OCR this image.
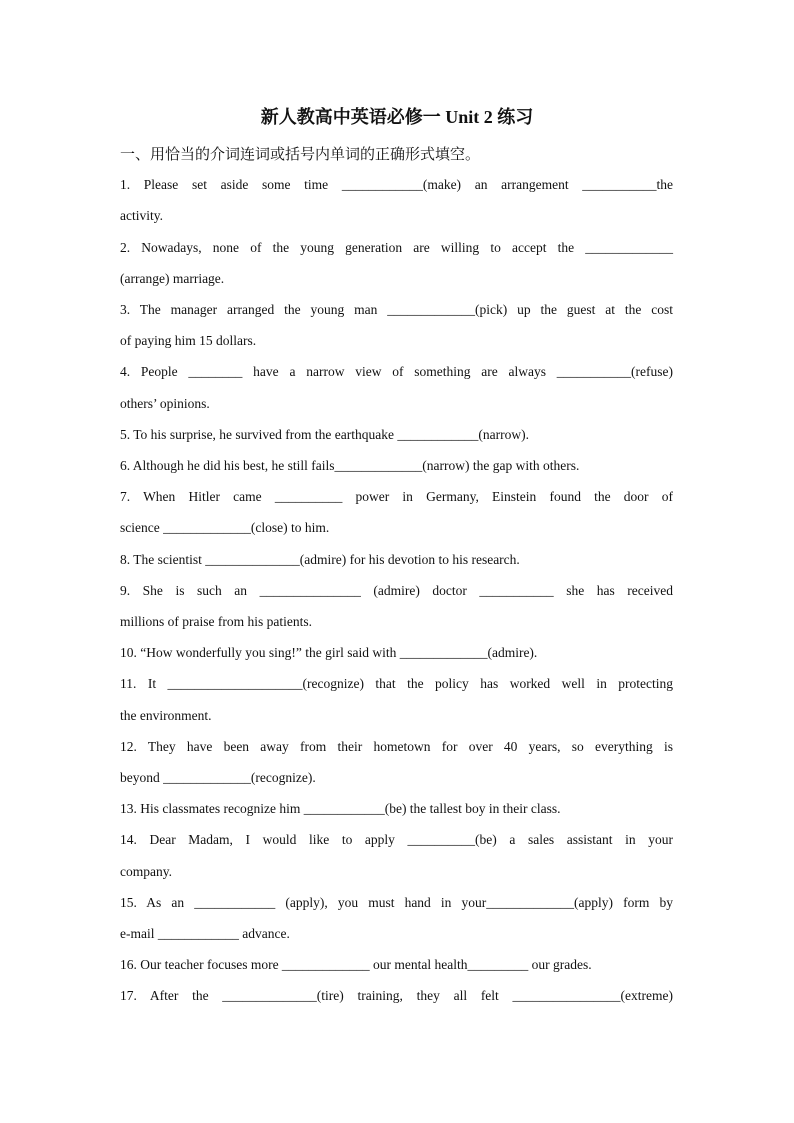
新人教高中英语必修一 Unit 2 练习
一、用恰当的介词连词或括号内单词的正确形式填空。
1. Please set aside some time ____________(make) an arrangement ___________the
activity.
2. Nowadays, none of the young generation are willing to accept the _____________
(arrange) marriage.
3. The manager arranged the young man _____________(pick) up the guest at the cost
of paying him 15 dollars.
4. People ________ have a narrow view of something are always ___________(refuse)
others’ opinions.
5. To his surprise, he survived from the earthquake ____________(narrow).
6. Although he did his best, he still fails_____________(narrow) the gap with others.
7. When Hitler came __________ power in Germany, Einstein found the door of
science _____________(close) to him.
8. The scientist ______________(admire) for his devotion to his research.
9. She is such an _______________ (admire) doctor ___________ she has received
millions of praise from his patients.
10. “How wonderfully you sing!” the girl said with _____________(admire).
11. It ____________________(recognize) that the policy has worked well in protecting
the environment.
12. They have been away from their hometown for over 40 years, so everything is
beyond _____________(recognize).
13. His classmates recognize him ____________(be) the tallest boy in their class.
14. Dear Madam, I would like to apply __________(be) a sales assistant in your
company.
15. As an ____________ (apply), you must hand in your_____________(apply) form by
e-mail ____________ advance.
16. Our teacher focuses more _____________ our mental health_________ our grades.
17. After the ______________(tire) training, they all felt ________________(extreme)
